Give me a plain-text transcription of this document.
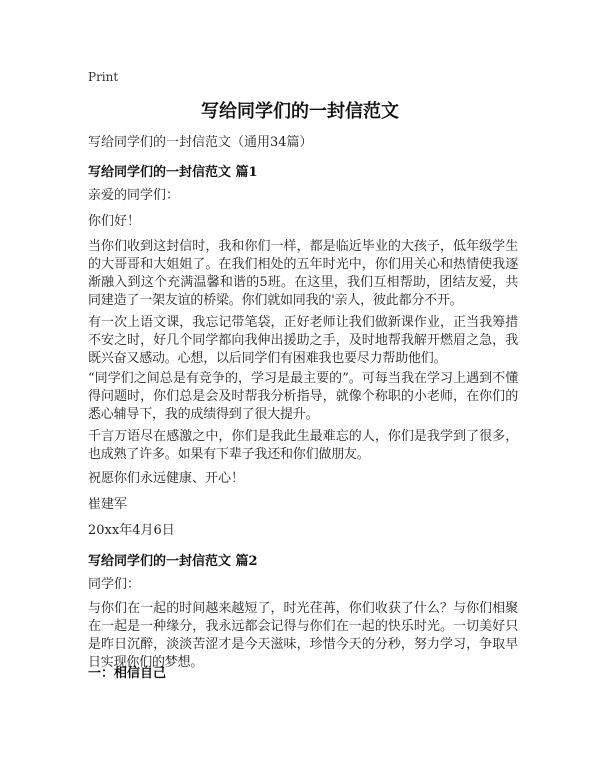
Print

写给同学们的一封信范文

写给同学们的一封信范文（通用34篇）

写给同学们的一封信范文 篇1

亲爱的同学们：

你们好！

当你们收到这封信时，我和你们一样，都是临近毕业的大孩子，低年级学生的大哥哥和大姐姐了。在我们相处的五年时光中，你们用关心和热情使我逐渐融入到这个充满温馨和谐的5班。在这里，我们互相帮助，团结友爱，共同建造了一架友谊的桥梁。你们就如同我的'亲人，彼此都分不开。

有一次上语文课，我忘记带笔袋，正好老师让我们做新课作业，正当我筹措不安之时，好几个同学都向我伸出援助之手，及时地帮我解开燃眉之急，我既兴奋又感动。心想，以后同学们有困难我也要尽力帮助他们。

“同学们之间总是有竞争的，学习是最主要的”。可每当我在学习上遇到不懂得问题时，你们总是会及时帮我分析指导，就像个称职的小老师，在你们的悉心辅导下，我的成绩得到了很大提升。

千言万语尽在感激之中，你们是我此生最难忘的人，你们是我学到了很多，也成熟了许多。如果有下辈子我还和你们做朋友。

祝愿你们永远健康、开心！

崔建军

20xx年4月6日

写给同学们的一封信范文 篇2

同学们：

与你们在一起的时间越来越短了，时光荏苒，你们收获了什么？与你们相聚在一起是一种缘分，我永远都会记得与你们在一起的快乐时光。一切美好只是昨日沉醉，淡淡苦涩才是今天滋味，珍惜今天的分秒，努力学习，争取早日实现你们的梦想。

一：相信自己
